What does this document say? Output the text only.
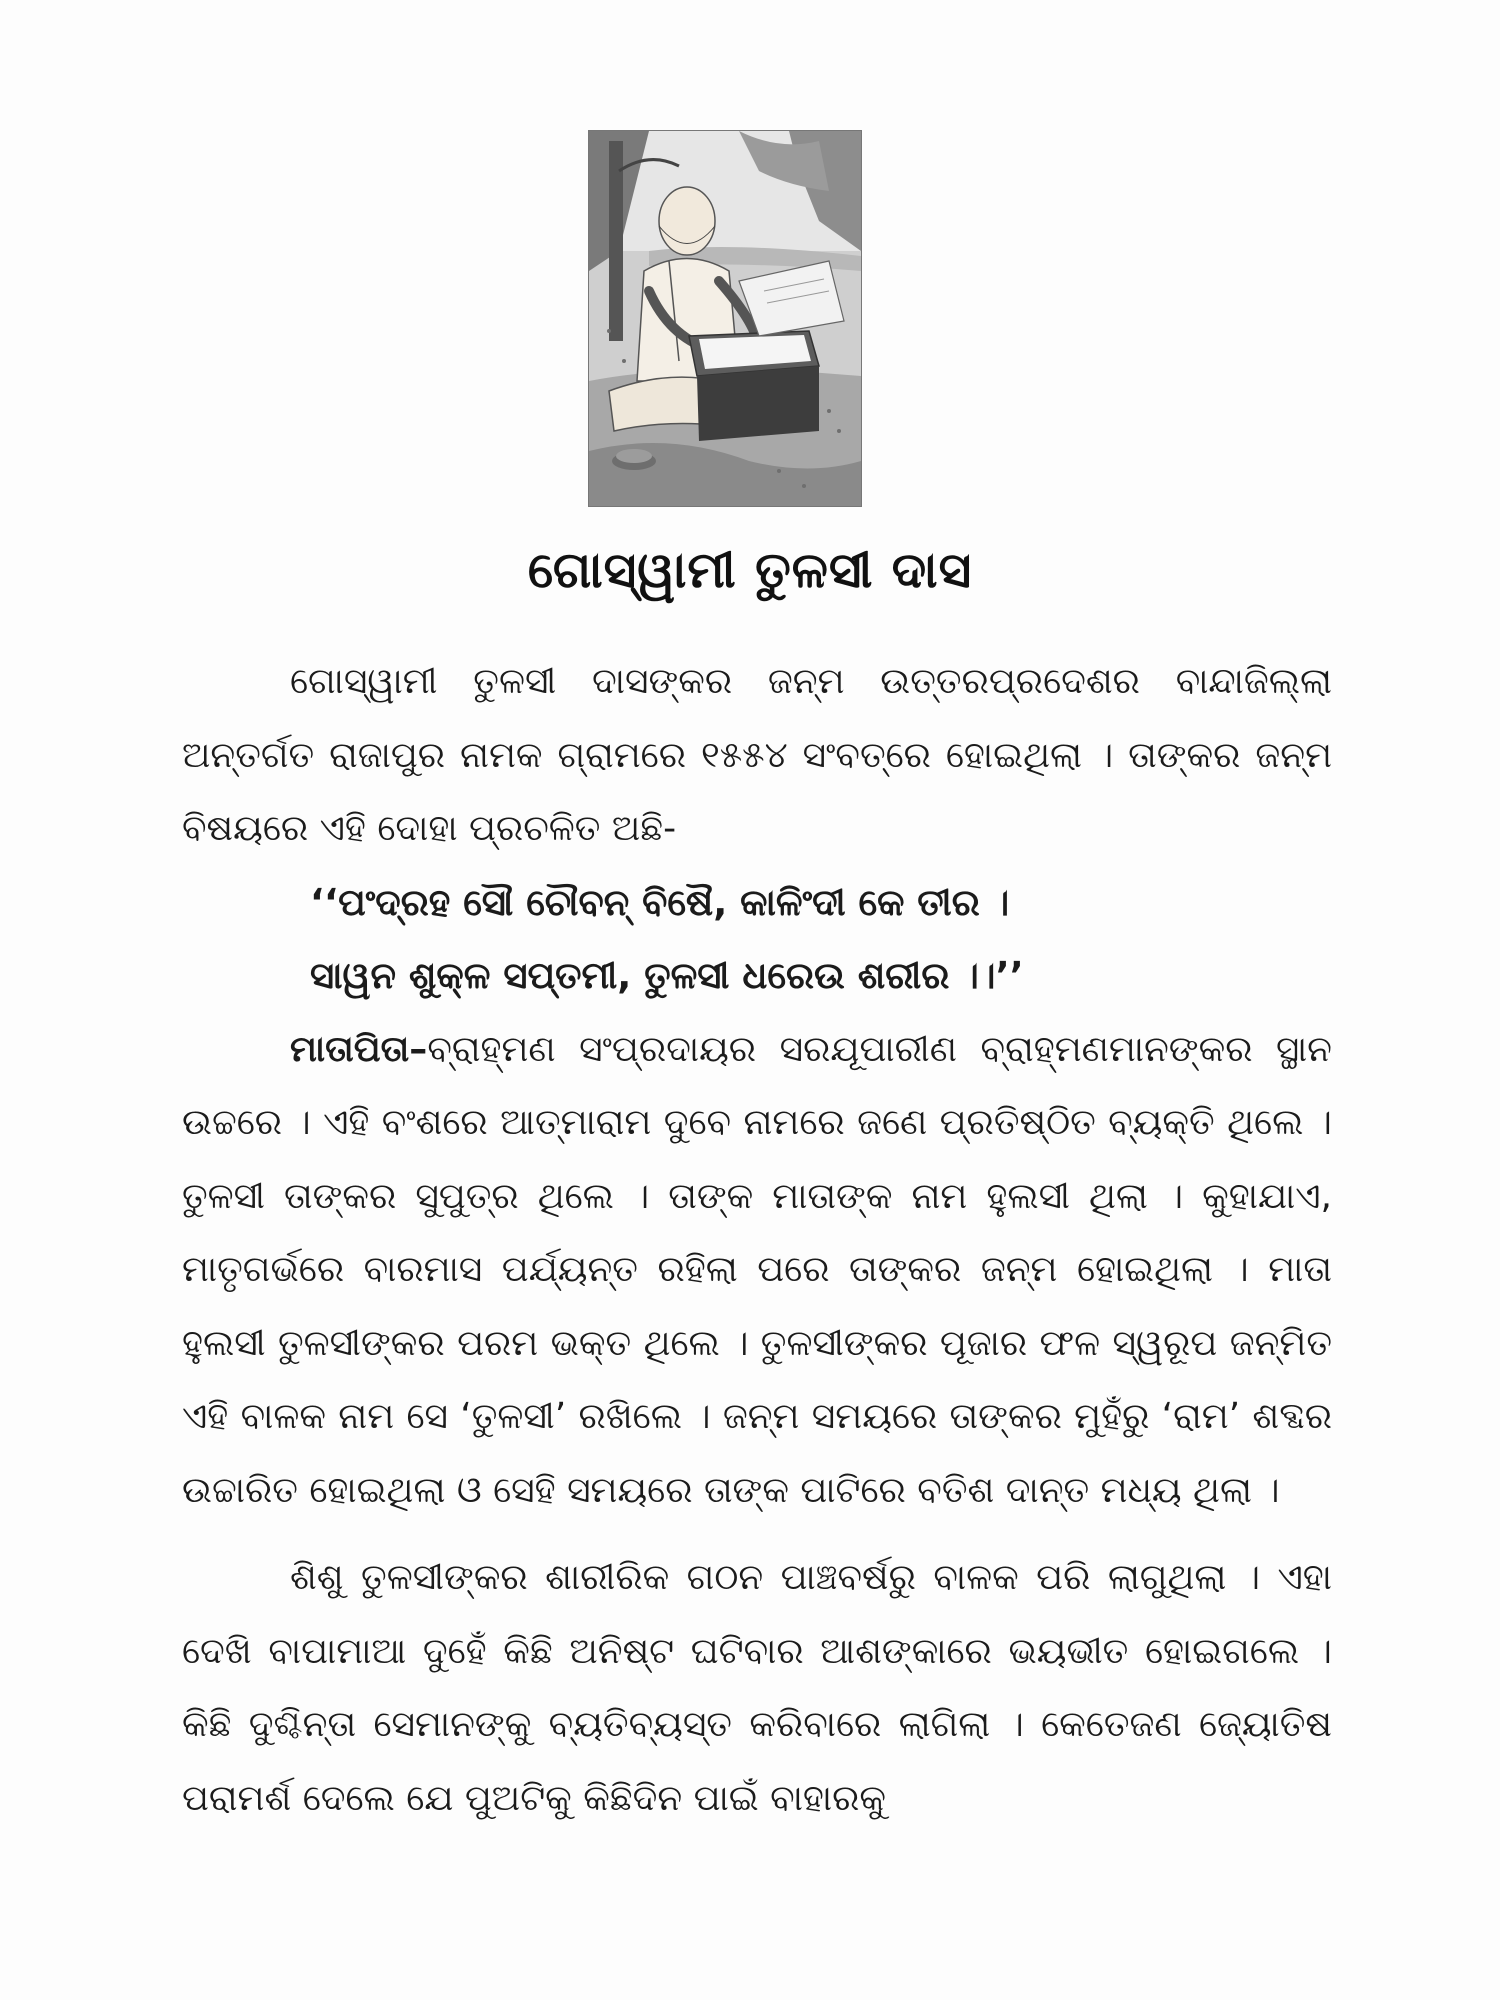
ଗୋସ୍ୱାମୀ ତୁଳସୀ ଦାସ

ଗୋସ୍ୱାମୀ ତୁଳସୀ ଦାସଙ୍କର ଜନ୍ମ ଉତ୍ତରପ୍ରଦେଶର ବାନ୍ଦାଜିଲ୍ଲା ଅନ୍ତର୍ଗତ ରାଜାପୁର ନାମକ ଗ୍ରାମରେ ୧୫୫୪ ସଂବତ୍‌ରେ ହୋଇଥିଲା । ତାଙ୍କର ଜନ୍ମ ବିଷୟରେ ଏହି ଦୋହା ପ୍ରଚଳିତ ଅଛି-

‘‘ପଂଦ୍ରହ ସୌ ଚୌବନ୍ ବିଷୈ, କାଳିଂଦୀ କେ ତୀର ।
ସାୱନ ଶୁକ୍ଳ ସପ୍ତମୀ, ତୁଳସୀ ଧରେଉ ଶରୀର ।।’’

ମାତାପିତା–ବ୍ରାହ୍ମଣ ସଂପ୍ରଦାୟର ସରଯୂପାରୀଣ ବ୍ରାହ୍ମଣମାନଙ୍କର ସ୍ଥାନ ଉଚ୍ଚରେ । ଏହି ବଂଶରେ ଆତ୍ମାରାମ ଦୁବେ ନାମରେ ଜଣେ ପ୍ରତିଷ୍ଠିତ ବ୍ୟକ୍ତି ଥିଲେ । ତୁଳସୀ ତାଙ୍କର ସୁପୁତ୍ର ଥିଲେ । ତାଙ୍କ ମାତାଙ୍କ ନାମ ହୁଲସୀ ଥିଲା । କୁହାଯାଏ, ମାତୃଗର୍ଭରେ ବାରମାସ ପର୍ଯ୍ୟନ୍ତ ରହିଲା ପରେ ତାଙ୍କର ଜନ୍ମ ହୋଇଥିଲା । ମାତା ହୁଲସୀ ତୁଳସୀଙ୍କର ପରମ ଭକ୍ତ ଥିଲେ । ତୁଳସୀଙ୍କର ପୂଜାର ଫଳ ସ୍ୱରୂପ ଜନ୍ମିତ ଏହି ବାଳକ ନାମ ସେ ‘ତୁଳସୀ’ ରଖିଲେ । ଜନ୍ମ ସମୟରେ ତାଙ୍କର ମୁହଁରୁ ‘ରାମ’ ଶବ୍ଦର ଉଚ୍ଚାରିତ ହୋଇଥିଲା ଓ ସେହି ସମୟରେ ତାଙ୍କ ପାଟିରେ ବତିଶ ଦାନ୍ତ ମଧ୍ୟ ଥିଲା ।

ଶିଶୁ ତୁଳସୀଙ୍କର ଶାରୀରିକ ଗଠନ ପାଞ୍ଚବର୍ଷରୁ ବାଳକ ପରି ଲାଗୁଥିଲା । ଏହା ଦେଖି ବାପାମାଆ ଦୁହେଁ କିଛି ଅନିଷ୍ଟ ଘଟିବାର ଆଶଙ୍କାରେ ଭୟଭୀତ ହୋଇଗଲେ । କିଛି ଦୁଶ୍ଚିନ୍ତା ସେମାନଙ୍କୁ ବ୍ୟତିବ୍ୟସ୍ତ କରିବାରେ ଲାଗିଲା । କେତେଜଣ ଜ୍ୟୋତିଷ ପରାମର୍ଶ ଦେଲେ ଯେ ପୁଅଟିକୁ କିଛିଦିନ ପାଇଁ ବାହାରକୁ
